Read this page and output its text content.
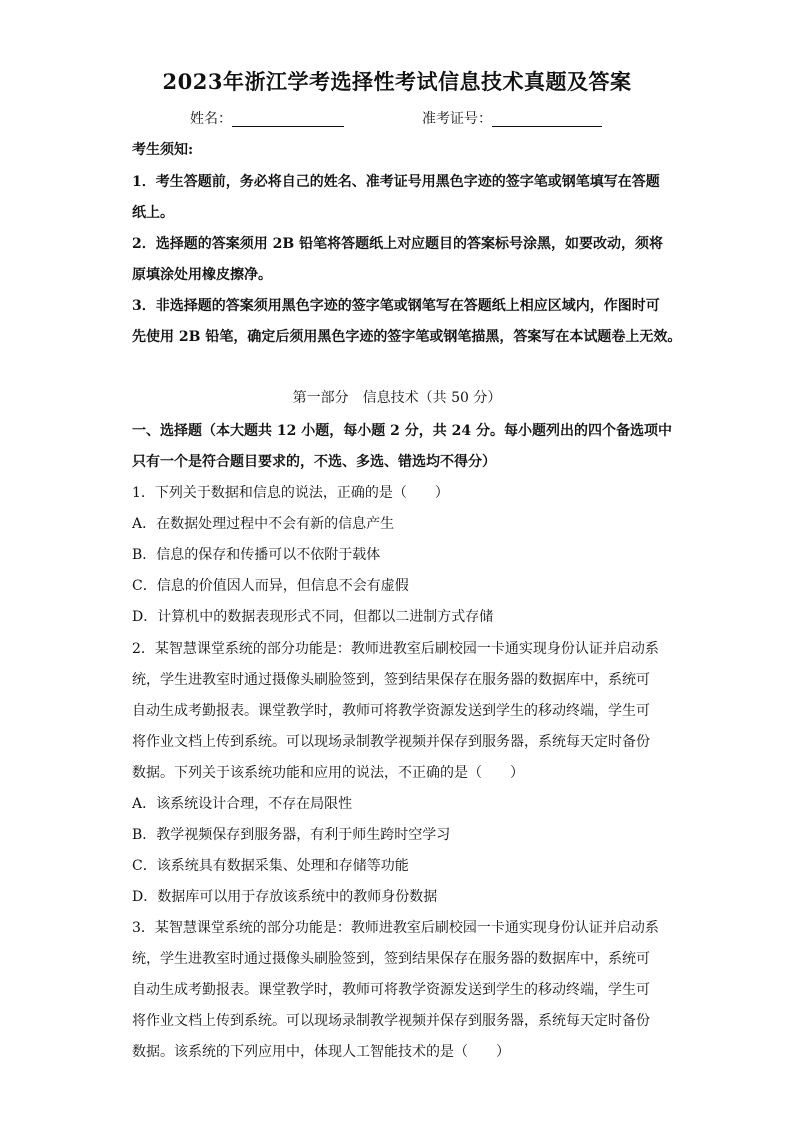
2023年浙江学考选择性考试信息技术真题及答案
姓名：	准考证号：
考生须知:
1．考生答题前，务必将自己的姓名、准考证号用黑色字迹的签字笔或钢笔填写在答题
纸上。
2．选择题的答案须用 2B 铅笔将答题纸上对应题目的答案标号涂黑，如要改动，须将
原填涂处用橡皮擦净。
3．非选择题的答案须用黑色字迹的签字笔或钢笔写在答题纸上相应区域内，作图时可
先使用 2B 铅笔，确定后须用黑色字迹的签字笔或钢笔描黑，答案写在本试题卷上无效。
第一部分　信息技术（共 50 分）
一、选择题（本大题共 12 小题，每小题 2 分，共 24 分。每小题列出的四个备选项中
只有一个是符合题目要求的，不选、多选、错选均不得分）
1．下列关于数据和信息的说法，正确的是（　　）
A．在数据处理过程中不会有新的信息产生
B．信息的保存和传播可以不依附于载体
C．信息的价值因人而异，但信息不会有虚假
D．计算机中的数据表现形式不同，但都以二进制方式存储
2．某智慧课堂系统的部分功能是：教师进教室后刷校园一卡通实现身份认证并启动系
统，学生进教室时通过摄像头刷脸签到，签到结果保存在服务器的数据库中，系统可
自动生成考勤报表。课堂教学时，教师可将教学资源发送到学生的移动终端，学生可
将作业文档上传到系统。可以现场录制教学视频并保存到服务器，系统每天定时备份
数据。下列关于该系统功能和应用的说法，不正确的是（　　）
A．该系统设计合理，不存在局限性
B．教学视频保存到服务器，有利于师生跨时空学习
C．该系统具有数据采集、处理和存储等功能
D．数据库可以用于存放该系统中的教师身份数据
3．某智慧课堂系统的部分功能是：教师进教室后刷校园一卡通实现身份认证并启动系
统，学生进教室时通过摄像头刷脸签到，签到结果保存在服务器的数据库中，系统可
自动生成考勤报表。课堂教学时，教师可将教学资源发送到学生的移动终端，学生可
将作业文档上传到系统。可以现场录制教学视频并保存到服务器，系统每天定时备份
数据。该系统的下列应用中，体现人工智能技术的是（　　）
